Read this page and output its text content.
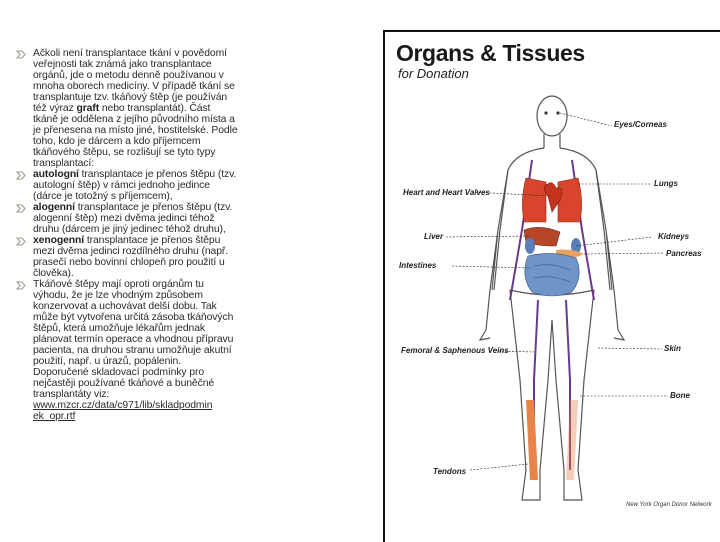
Ačkoli není transplantace tkání v povědomí veřejnosti tak známá jako transplantace orgánů, jde o metodu denně používanou v mnoha oborech medicíny. V případě tkání se transplantuje tzv. tkáňový štěp (je používán též výraz graft nebo transplantát). Část tkáně je oddělena z jejího původního místa a je přenesena na místo jiné, hostitelské. Podle toho, kdo je dárcem a kdo příjemcem tkáňového štěpu, se rozlišují se tyto typy transplantací:
autologní transplantace je přenos štěpu (tzv. autologní štěp) v rámci jednoho jedince (dárce je totožný s příjemcem),
alogenní transplantace je přenos štěpu (tzv. alogenní štěp) mezi dvěma jedinci téhož druhu (dárcem je jiný jedinec téhož druhu),
xenogenní transplantace je přenos štěpu mezi dvěma jedinci rozdílného druhu (např. prasečí nebo bovinní chlopeň pro použití u člověka).
Tkáňové štěpy mají oproti orgánům tu výhodu, že je lze vhodným způsobem konzervovat a uchovávat delší dobu. Tak může být vytvořena určitá zásoba tkáňových štěpů, která umožňuje lékařům jednak plánovat termín operace a vhodnou přípravu pacienta, na druhou stranu umožňuje akutní použití, např. u úrazů, popálenin. Doporučené skladovací podmínky pro nejčastěji používané tkáňové a buněčné transplantáty viz: www.mzcr.cz/data/c971/lib/skladpodmin ek_opr.rtf
Organs & Tissues
for Donation
Eyes/Corneas
Heart and Heart Valves
Lungs
Liver	Kidneys
Pancreas
Intestines
Femoral & Saphenous Veins	Skin
Bone
Tendons
New York Organ Donor Network
